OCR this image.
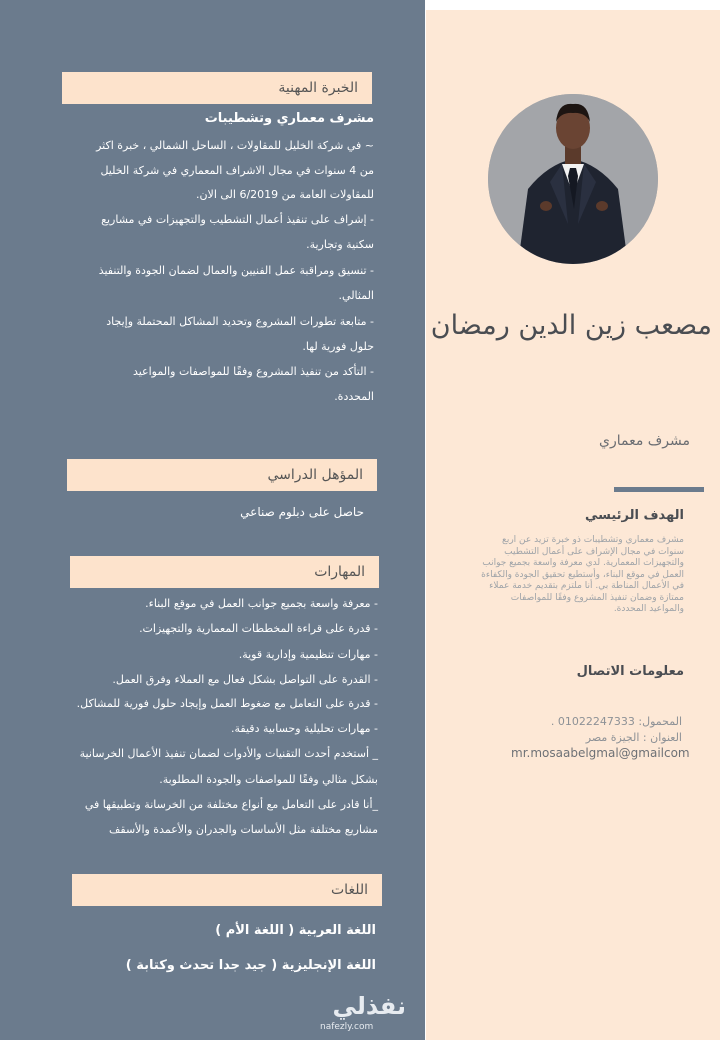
الخبرة المهنية
مشرف معماري وتشطيبات
~ في شركة الخليل للمقاولات ، الساحل الشمالي ، خبرة اكثر
من 4 سنوات في مجال الاشراف المعماري في شركة الخليل
للمقاولات العامة من 6/2019 الى الان.
- إشراف على تنفيذ أعمال التشطيب والتجهيزات في مشاريع
سكنية وتجارية.
- تنسيق ومراقبة عمل الفنيين والعمال لضمان الجودة والتنفيذ
المثالي.
- متابعة تطورات المشروع وتحديد المشاكل المحتملة وإيجاد
حلول فورية لها.
- التأكد من تنفيذ المشروع وفقًا للمواصفات والمواعيد
المحددة.
المؤهل الدراسي
حاصل على دبلوم صناعي
المهارات
- معرفة واسعة بجميع جوانب العمل في موقع البناء.
- قدرة على قراءة المخططات المعمارية والتجهيزات.
- مهارات تنظيمية وإدارية قوية.
- القدرة على التواصل بشكل فعال مع العملاء وفرق العمل.
- قدرة على التعامل مع ضغوط العمل وإيجاد حلول فورية للمشاكل.
- مهارات تحليلية وحسابية دقيقة.
_ أستخدم أحدث التقنيات والأدوات لضمان تنفيذ الأعمال الخرسانية
بشكل مثالي وفقًا للمواصفات والجودة المطلوبة.
_أنا قادر على التعامل مع أنواع مختلفة من الخرسانة وتطبيقها في
مشاريع مختلفة مثل الأساسات والجدران والأعمدة والأسقف
اللغات
اللغة العربية ( اللغة الأم )
اللغة الإنجليزية ( جيد جدا تحدث وكتابة )
نفذلي
nafezly.com
مصعب زين الدين رمضان
مشرف معماري
الهدف الرئيسي
مشرف معماري وتشطيبات ذو خبرة تزيد عن اربع سنوات في مجال الإشراف على أعمال التشطيب والتجهيزات المعمارية. لدي معرفة واسعة بجميع جوانب العمل في موقع البناء، وأستطيع تحقيق الجودة والكفاءة في الأعمال المناطة بي. أنا ملتزم بتقديم خدمة عملاء ممتازة وضمان تنفيذ المشروع وفقًا للمواصفات والمواعيد المحددة.
معلومات الاتصال
المحمول: 01022247333 .
العنوان : الجيزة مصر
mr.mosaabelgmal@gmailcom
